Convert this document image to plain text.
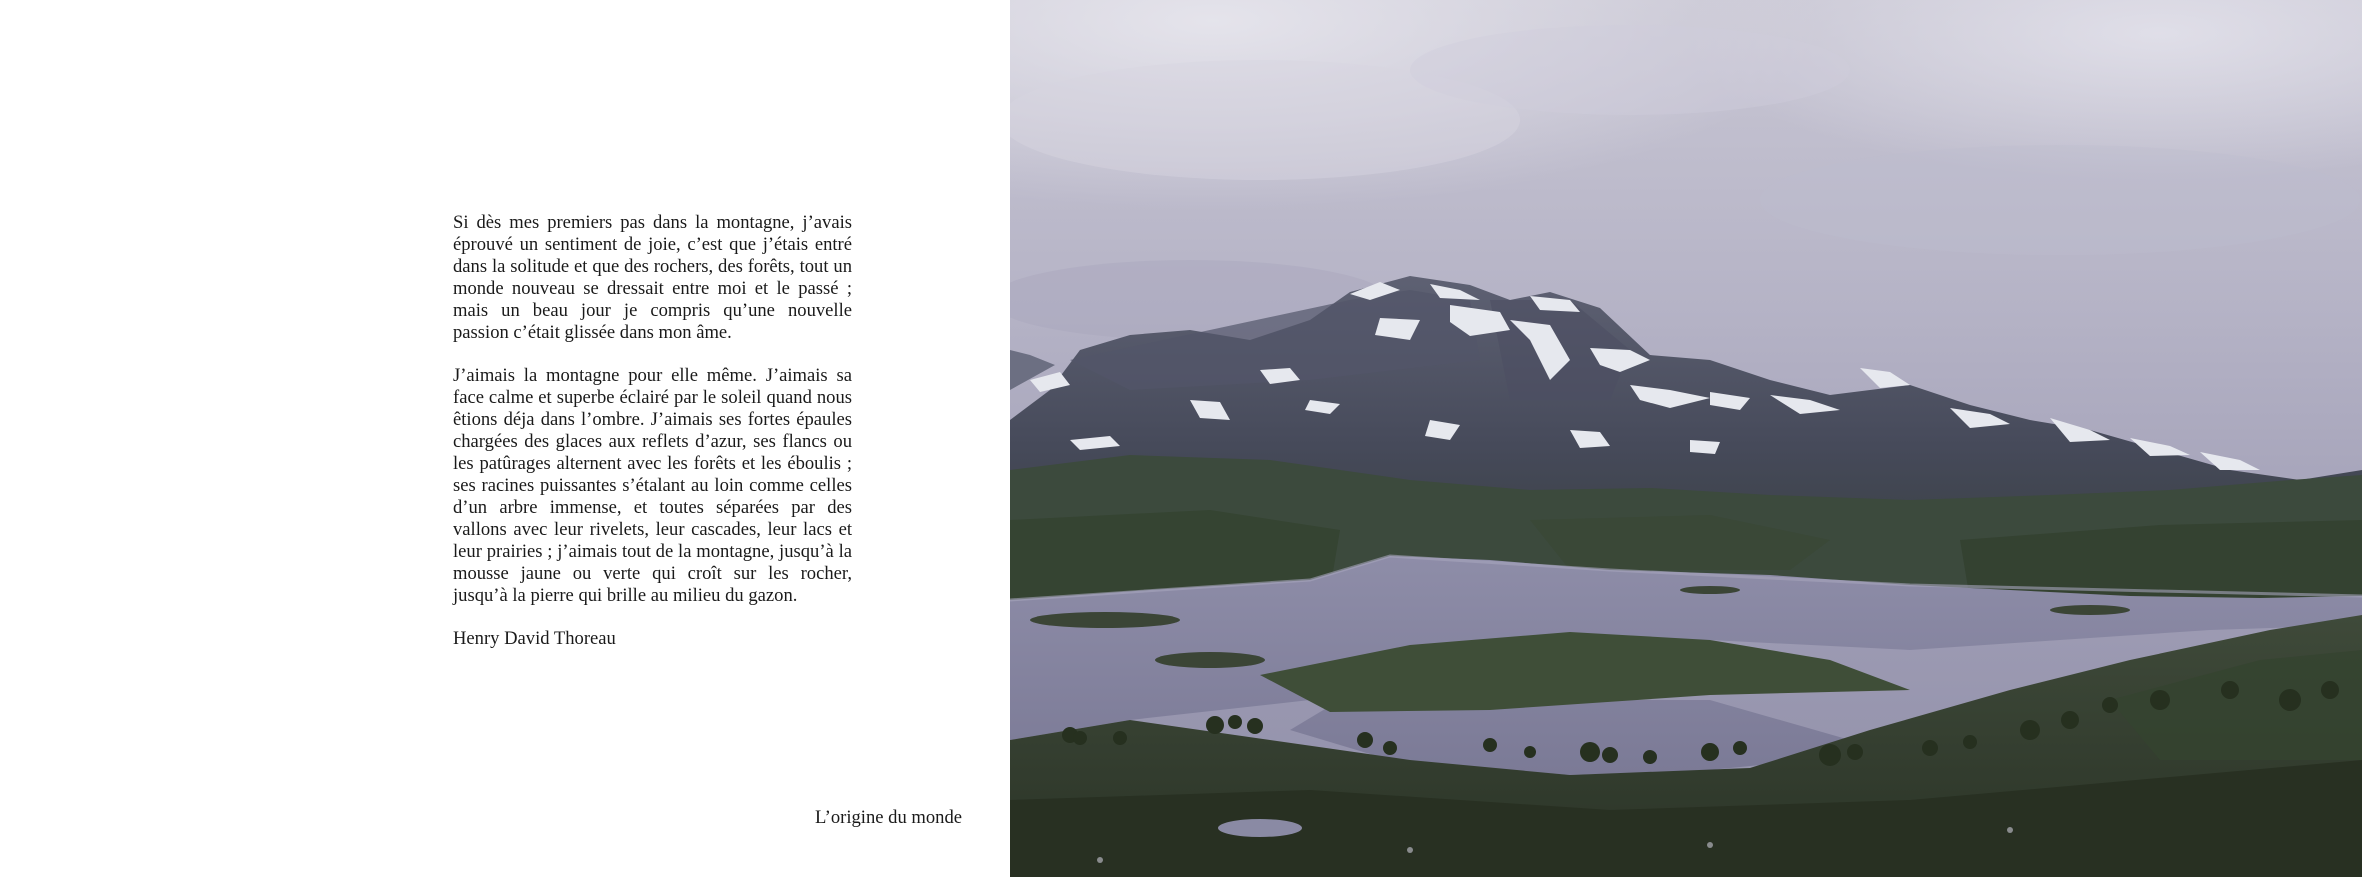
Si dès mes premiers pas dans la montagne, j’avais éprouvé un sentiment de joie, c’est que j’étais entré dans la solitude et que des rochers, des forêts, tout un monde nouveau se dressait entre moi et le passé ; mais un beau jour je compris qu’une nouvelle passion c’était glissée dans mon âme.

J’aimais la montagne pour elle même. J’aimais sa face calme et superbe éclairé par le soleil quand nous êtions déja dans l’ombre. J’aimais ses fortes épaules chargées des glaces aux reflets d’azur, ses flancs ou les patûrages alternent avec les forêts et les éboulis ; ses racines puissantes s’étalant au loin comme celles d’un arbre immense, et toutes séparées par des vallons avec leur rivelets, leur cascades, leur lacs et leur prairies ; j’aimais tout de la montagne, jusqu’à la mousse jaune ou verte qui croît sur les rocher, jusqu’à la pierre qui brille au milieu du gazon.

Henry David Thoreau

L’origine du monde
